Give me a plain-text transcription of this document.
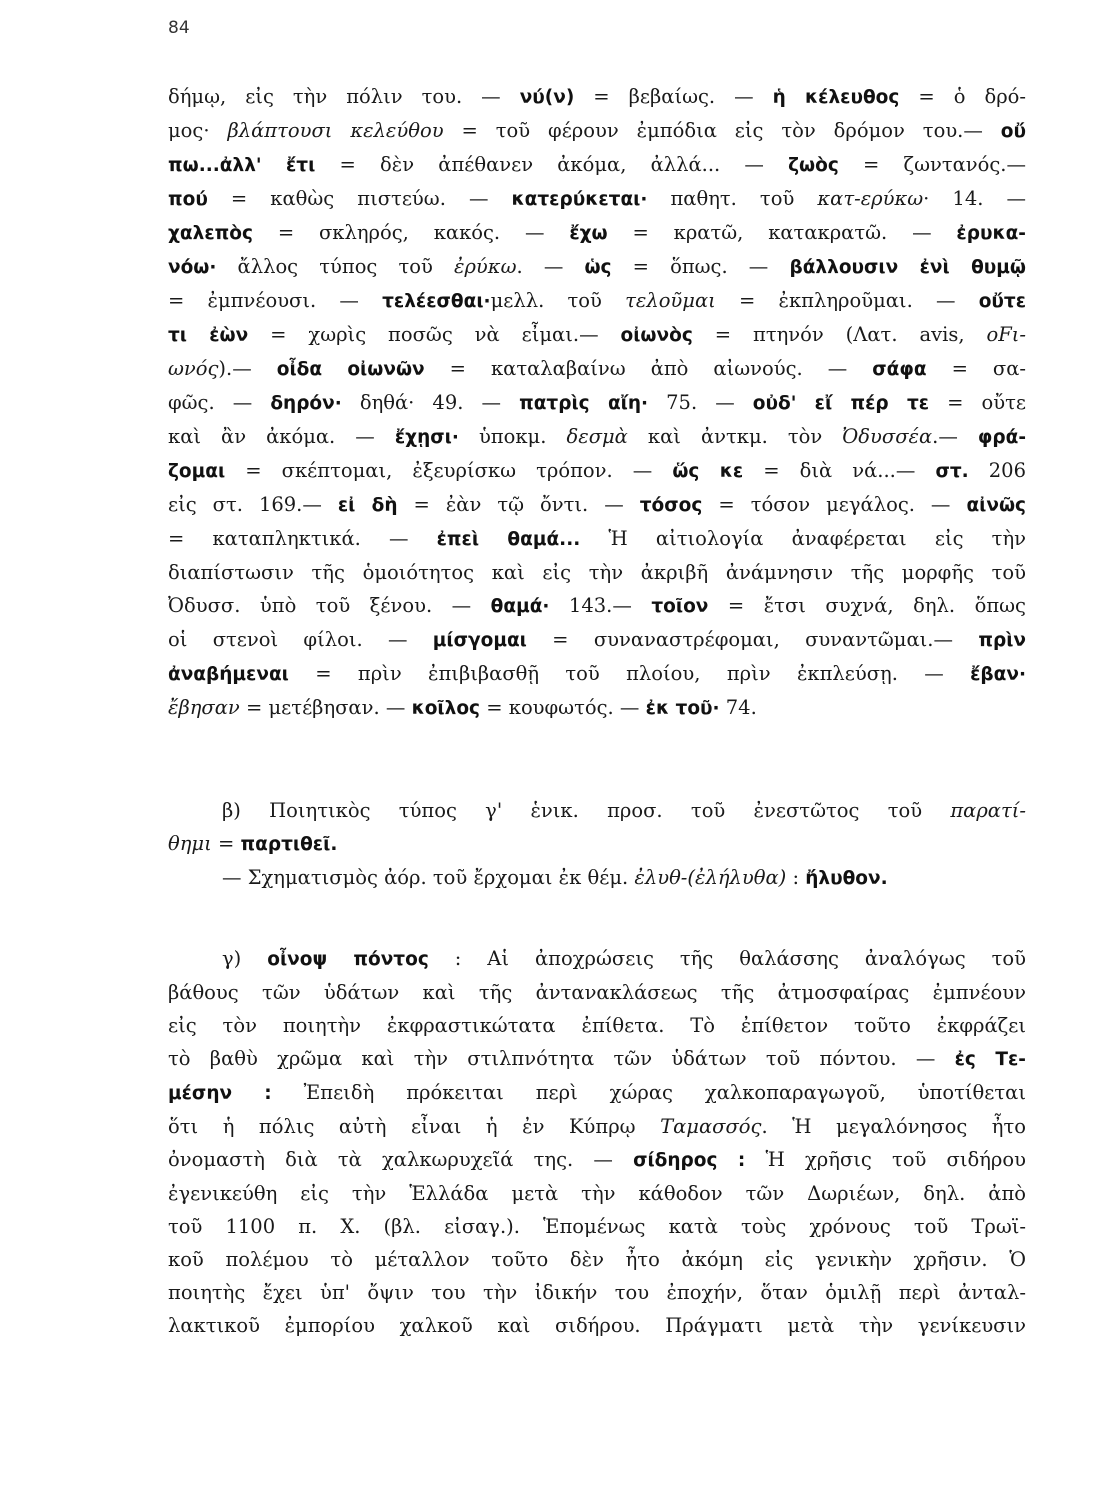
84
δήμῳ, εἰς τὴν πόλιν του. — νύ(ν) = βεβαίως. — ἡ κέλευθος = ὁ δρό-
μος· βλάπτουσι κελεύθου = τοῦ φέρουν ἐμπόδια εἰς τὸν δρόμον του.— οὔ
πω...ἀλλ' ἔτι = δὲν ἀπέθανεν ἀκόμα, ἀλλά... — ζωὸς = ζωντανός.—
πού = καθὼς πιστεύω. — κατερύκεται· παθητ. τοῦ κατ-ερύκω· 14. —
χαλεπὸς = σκληρός, κακός. — ἔχω = κρατῶ, κατακρατῶ. — ἐρυκα-
νόω· ἄλλος τύπος τοῦ ἐρύκω. — ὡς = ὅπως. — βάλλουσιν ἐνὶ θυμῷ
= ἐμπνέουσι. — τελέεσθαι·μελλ. τοῦ τελοῦμαι = ἐκπληροῦμαι. — οὔτε
τι ἐὼν = χωρὶς ποσῶς νὰ εἶμαι.— οἰωνὸς = πτηνόν (Λατ. avis, oFι-
ωνός).— οἶδα οἰωνῶν = καταλαβαίνω ἀπὸ αἰωνούς. — σάφα = σα-
φῶς. — δηρόν· δηθά· 49. — πατρὶς αἴη· 75. — οὐδ' εἴ πέρ τε = οὔτε
καὶ ἂν ἀκόμα. — ἔχῃσι· ὑποκμ. δεσμὰ καὶ ἀντκμ. τὸν Ὀδυσσέα.— φρά-
ζομαι = σκέπτομαι, ἐξευρίσκω τρόπον. — ὥς κε = διὰ νά...— στ. 206
εἰς στ. 169.— εἰ δὴ = ἐὰν τῷ ὄντι. — τόσος = τόσον μεγάλος. — αἰνῶς
= καταπληκτικά. — ἐπεὶ θαμά... Ἡ αἰτιολογία ἀναφέρεται εἰς τὴν
διαπίστωσιν τῆς ὁμοιότητος καὶ εἰς τὴν ἀκριβῆ ἀνάμνησιν τῆς μορφῆς τοῦ
Ὀδυσσ. ὑπὸ τοῦ ξένου. — θαμά· 143.— τοῖον = ἔτσι συχνά, δηλ. ὅπως
οἱ στενοὶ φίλοι. — μίσγομαι = συναναστρέφομαι, συναντῶμαι.— πρὶν
ἀναβήμεναι = πρὶν ἐπιβιβασθῇ τοῦ πλοίου, πρὶν ἐκπλεύσῃ. — ἔβαν·
ἔβησαν = μετέβησαν. — κοῖλος = κουφωτός. — ἐκ τοῦ· 74.
β) Ποιητικὸς τύπος γ' ἑνικ. προσ. τοῦ ἐνεστῶτος τοῦ παρατί-
θημι = παρτιθεῖ.
— Σχηματισμὸς ἀόρ. τοῦ ἔρχομαι ἐκ θέμ. ἐλυθ-(ἐλήλυθα) : ἤλυθον.
γ) οἶνοψ πόντος : Αἱ ἀποχρώσεις τῆς θαλάσσης ἀναλόγως τοῦ
βάθους τῶν ὑδάτων καὶ τῆς ἀντανακλάσεως τῆς ἀτμοσφαίρας ἐμπνέουν
εἰς τὸν ποιητὴν ἐκφραστικώτατα ἐπίθετα. Τὸ ἐπίθετον τοῦτο ἐκφράζει
τὸ βαθὺ χρῶμα καὶ τὴν στιλπνότητα τῶν ὑδάτων τοῦ πόντου. — ἐς Τε-
μέσην : Ἐπειδὴ πρόκειται περὶ χώρας χαλκοπαραγωγοῦ, ὑποτίθεται
ὅτι ἡ πόλις αὐτὴ εἶναι ἡ ἐν Κύπρῳ Ταμασσός. Ἡ μεγαλόνησος ἦτο
ὀνομαστὴ διὰ τὰ χαλκωρυχεῖά της. — σίδηρος : Ἡ χρῆσις τοῦ σιδήρου
ἐγενικεύθη εἰς τὴν Ἑλλάδα μετὰ τὴν κάθοδον τῶν Δωριέων, δηλ. ἀπὸ
τοῦ 1100 π. Χ. (βλ. εἰσαγ.). Ἑπομένως κατὰ τοὺς χρόνους τοῦ Τρωϊ-
κοῦ πολέμου τὸ μέταλλον τοῦτο δὲν ἦτο ἀκόμη εἰς γενικὴν χρῆσιν. Ὁ
ποιητὴς ἔχει ὑπ' ὄψιν του τὴν ἰδικήν του ἐποχήν, ὅταν ὁμιλῇ περὶ ἀνταλ-
λακτικοῦ ἐμπορίου χαλκοῦ καὶ σιδήρου. Πράγματι μετὰ τὴν γενίκευσιν
